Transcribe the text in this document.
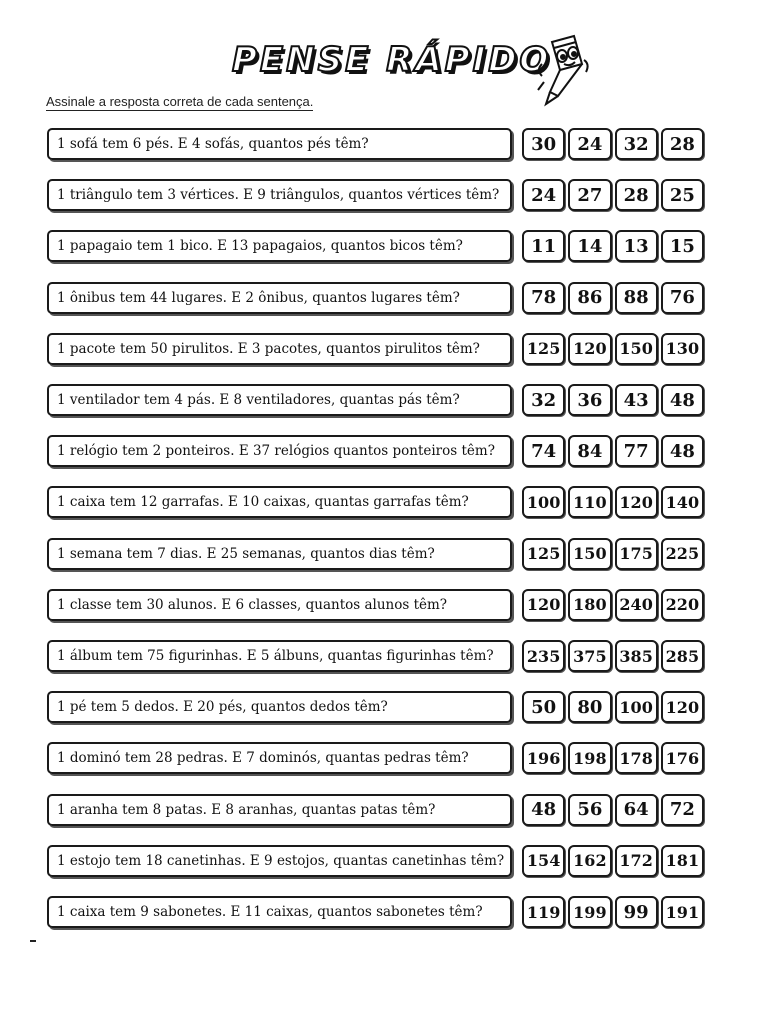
PENSE RÁPIDO

Assinale a resposta correta de cada sentença.

1 sofá tem 6 pés. E 4 sofás, quantos pés têm?	30	24	32	28
1 triângulo tem 3 vértices. E 9 triângulos, quantos vértices têm?	24	27	28	25
1 papagaio tem 1 bico. E 13 papagaios, quantos bicos têm?	11	14	13	15
1 ônibus tem 44 lugares. E 2 ônibus, quantos lugares têm?	78	86	88	76
1 pacote tem 50 pirulitos. E 3 pacotes, quantos pirulitos têm?	125 120 150 130
1 ventilador tem 4 pás. E 8 ventiladores, quantas pás têm?	32	36	43	48
1 relógio tem 2 ponteiros. E 37 relógios quantos ponteiros têm?	74	84	77	48
1 caixa tem 12 garrafas. E 10 caixas, quantas garrafas têm?	100 110 120 140
1 semana tem 7 dias. E 25 semanas, quantos dias têm?	125 150 175 225
1 classe tem 30 alunos. E 6 classes, quantos alunos têm?	120 180 240 220
1 álbum tem 75 figurinhas. E 5 álbuns, quantas figurinhas têm?	235 375 385 285
1 pé tem 5 dedos. E 20 pés, quantos dedos têm?	50	80	100 120
1 dominó tem 28 pedras. E 7 dominós, quantas pedras têm?	196 198 178 176
1 aranha tem 8 patas. E 8 aranhas, quantas patas têm?	48	56	64	72
1 estojo tem 18 canetinhas. E 9 estojos, quantas canetinhas têm?	154 162 172 181
1 caixa tem 9 sabonetes. E 11 caixas, quantos sabonetes têm?	119 199 99	191
